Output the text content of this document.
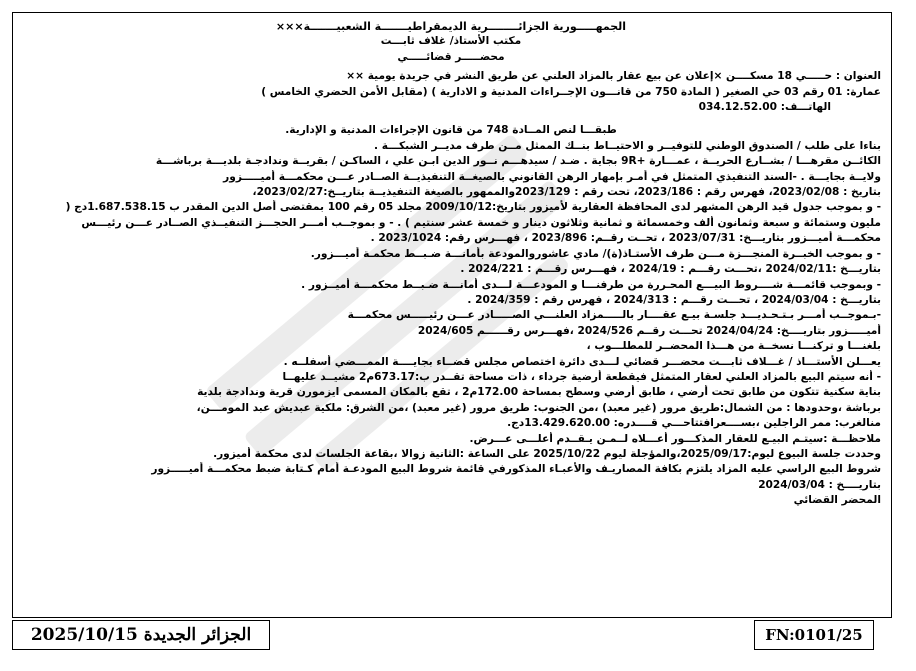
الجمهـــــورية الجزائــــــــرية الديمقراطيـــــــة الشعبيـــــــة×××

مكتب الأستاذ/ غلاف ثابـــت

محضـــــر قضائـــــي

العنوان : حـــــي 18 مسكــــن ×إعلان عن بيع عقار بالمزاد العلني عن طريق النشر في جريدة يومية ××

عمارة: 01 رقم 03 حي الصغير ( المادة 750 من قانـــون الإجــراءات المدنية و الادارية ) (مقابل الأمن الحضري الخامس )

الهاتـــف: 034.12.52.00

طبقـــا لنص المــادة 748 من قانون الإجراءات المدنية و الإدارية.

بناءا على طلب / الصندوق الوطني للتوفيــر و الاحتيــاط بنــك الممثل مــن طرف مديــر الشبكـــة .

الكائــن مقرهـــا / بشــارع الحريــة ، عمـــارة +9R بجاية . ضـد / سيدهـــم نــور الدين ابـن علي ، الساكـن / بقريــة وندادجـة بلديـــة برباشـــة

ولايــة بجايـــة . -السند التنفيذي المتمثل في أمـر بإمهار الرهن القانوني بالصيغــة التنفيذيــة الصــادر عـــن محكمـــة أميـــــزور

بتاريخ : 2023/02/08، فهرس رقم : 2023/186، تحت رقم : 2023/129والممهور بالصيغة التنفيذيــة بتاريــخ:2023/02/27،

- و بموجب جدول قيد الرهن المشهر لدى المحافظة العقارية لأميزور بتاريخ:2009/10/12 مجلد 05 رقم 100 بمقتضى أصل الدين المقدر ب 1.687.538.15دج (

مليون وستمائة و سبعة وثمانون ألف وخمسمائة و ثمانية وثلاثون دينار و خمسة عشر سنتيم ) . - و بموجــب أمـــر الحجـــز التنفيــذي الصــادر عـــن رئيـــس

محكمـــة أميـــزور بتاريـــخ: 2023/07/31 ، تحــت رقــم: 2023/896 ، فهـــرس رقم: 2023/1024 .

- و بموجب الخبــرة المنجـــزة مـــن طرف الأستـاذ(ة)/ مادي عاشوروالمودعة بأمانـــة ضـبــط محكمـة أميـــزور.

بتاريـــخ :2024/02/11 ،تحـــت رقـــم : 2024/19 ، فهـــرس رقـــم : 2024/221 .

- وبموجب قائمـــة شــــروط البيـــع المحـررة من طرفنـــا و المودعـــة لـــدى أمانـــة ضـبــط محكمـــة أميــزور .

بتاريـــخ : 2024/03/04 ، تحـــت رقـــم : 2024/313 ، فهرس رقم : 2024/359 .

-بـموجــب أمـــر بـتـحـديـــد جلسـة بيـع عقــــار بالـــــمزاد العلنـــي الصـــــادر عـــن رئيـــــس محكمـــة

أميـــــزور بتاريــــخ: 2024/04/24 تحـــت رقــم 2024/526 ،فهـــرس رقــــــم 2024/605

بلغنـــا و تركنـــا نسخــة من هـــذا المحضــر للمطلـــوب ،

يعـــلن الأستـــاذ / غـــلاف ثابـــت محضـــر قضائي لـــدى دائرة اختصاص مجلس قضــاء بجايــــة الممـــضي أسفلــه .

- أنه سيتم البيع بالمزاد العلني لعقار المتمثل فيقطعة أرضية جرداء ، ذات مساحة تقــدر ب:673.17م2 مشيــد عليهــا

بناية سكنية تتكون من طابق تحت أرضي ، طابق أرضي وسطح بمساحة 172.00م2 ، تقع بالمكان المسمى ايزمورن قرية وندادجة بلدية

برباشة ،وحدودها : من الشمال:طريق مرور (غير معبد) ،من الجنوب: طريق مرور (غير معبد) ،من الشرق: ملكية عبديش عبد المومـــن،

منالغرب: ممر الراجلين ،بســــعرافتتاحـــي قــــدره: 13.429.620.00دج.

ملاحظـــة :سيتـم البيـع للعقار المذكـــور أعـــلاه لــمـن يـقــدم أعلـــى عـــرض.

وحددت جلسة البيوع ليوم:2025/09/17،والمؤجلة ليوم 2025/10/22 على الساعة :الثانية زوالا ،بقاعة الجلسات لدى محكمة أميزور.

شروط البيع الراسي عليه المزاد يلتزم بكافة المصاريـف والأعبـاء المذكورفي قائمة شروط البيع المودعـة أمام كـتابة ضبط محكمـــة أميـــــزور

بتاريــــخ : 2024/03/04

المحضر القضائي

الجزائر الجديدة 2025/10/15	FN:0101/25
